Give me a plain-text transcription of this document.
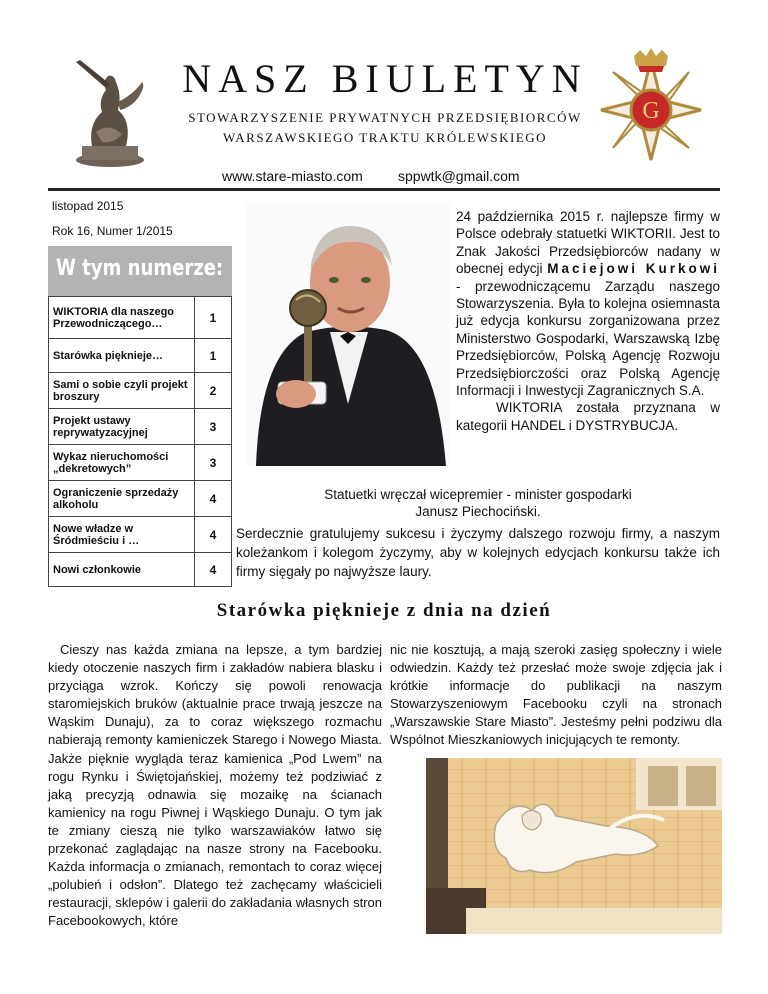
G
NASZ BIULETYN
STOWARZYSZENIE PRYWATNYCH PRZEDSIĘBIORCÓW
WARSZAWSKIEGO TRAKTU KRÓLEWSKIEGO
www.stare-miasto.com	sppwtk@gmail.com
listopad 2015
Rok 16, Numer 1/2015
W tym numerze:
WIKTORIA dla naszego Przewodniczącego…	1
Starówka pięknieje…	1
Sami o sobie czyli projekt broszury	2
Projekt ustawy reprywatyzacyjnej	3
Wykaz nieruchomości „dekretowych”	3
Ograniczenie sprzedaży alkoholu	4
Nowe władze w Śródmieściu i …	4
Nowi członkowie	4
24 października 2015 r. najlepsze firmy w Polsce odebrały statuetki WIKTORII. Jest to Znak Jakości Przedsiębiorców nadany w obecnej edycji Maciejowi Kurkowi - przewodniczącemu Zarządu naszego Stowarzyszenia. Była to kolejna osiemnasta już edycja konkursu zorganizowana przez Ministerstwo Gospodarki, Warszawską Izbę Przedsiębiorców, Polską Agencję Rozwoju Przedsiębiorczości oraz Polską Agencję Informacji i Inwestycji Zagranicznych S.A.
WIKTORIA została przyznana w kategorii HANDEL i DYSTRYBUCJA.
Statuetki wręczał wicepremier - minister gospodarki
Janusz Piechociński.
Serdecznie gratulujemy sukcesu i życzymy dalszego rozwoju firmy, a naszym koleżankom i kolegom życzymy, aby w kolejnych edycjach konkursu także ich firmy sięgały po najwyższe laury.
Starówka pięknieje z dnia na dzień
Cieszy nas każda zmiana na lepsze, a tym bardziej kiedy otoczenie naszych firm i zakładów nabiera blasku i przyciąga wzrok. Kończy się powoli renowacja staromiejskich bruków (aktualnie prace trwają jeszcze na Wąskim Dunaju), za to coraz większego rozmachu nabierają remonty kamieniczek Starego i Nowego Miasta. Jakże pięknie wygląda teraz kamienica „Pod Lwem” na rogu Rynku i Świętojańskiej, możemy też podziwiać z jaką precyzją odnawia się mozaikę na ścianach kamienicy na rogu Piwnej i Wąskiego Dunaju. O tym jak te zmiany cieszą nie tylko warszawiaków łatwo się przekonać zaglądając na nasze strony na Facebooku. Każda informacja o zmianach, remontach to coraz więcej „polubień i odsłon”. Dlatego też zachęcamy właścicieli restauracji, sklepów i galerii do zakładania własnych stron Facebookowych, które
nic nie kosztują, a mają szeroki zasięg społeczny i wiele odwiedzin. Każdy też przesłać może swoje zdjęcia jak i krótkie informacje do publikacji na naszym Stowarzyszeniowym Facebooku czyli na stronach „Warszawskie Stare Miasto”. Jesteśmy pełni podziwu dla Wspólnot Mieszkaniowych inicjujących te remonty.
